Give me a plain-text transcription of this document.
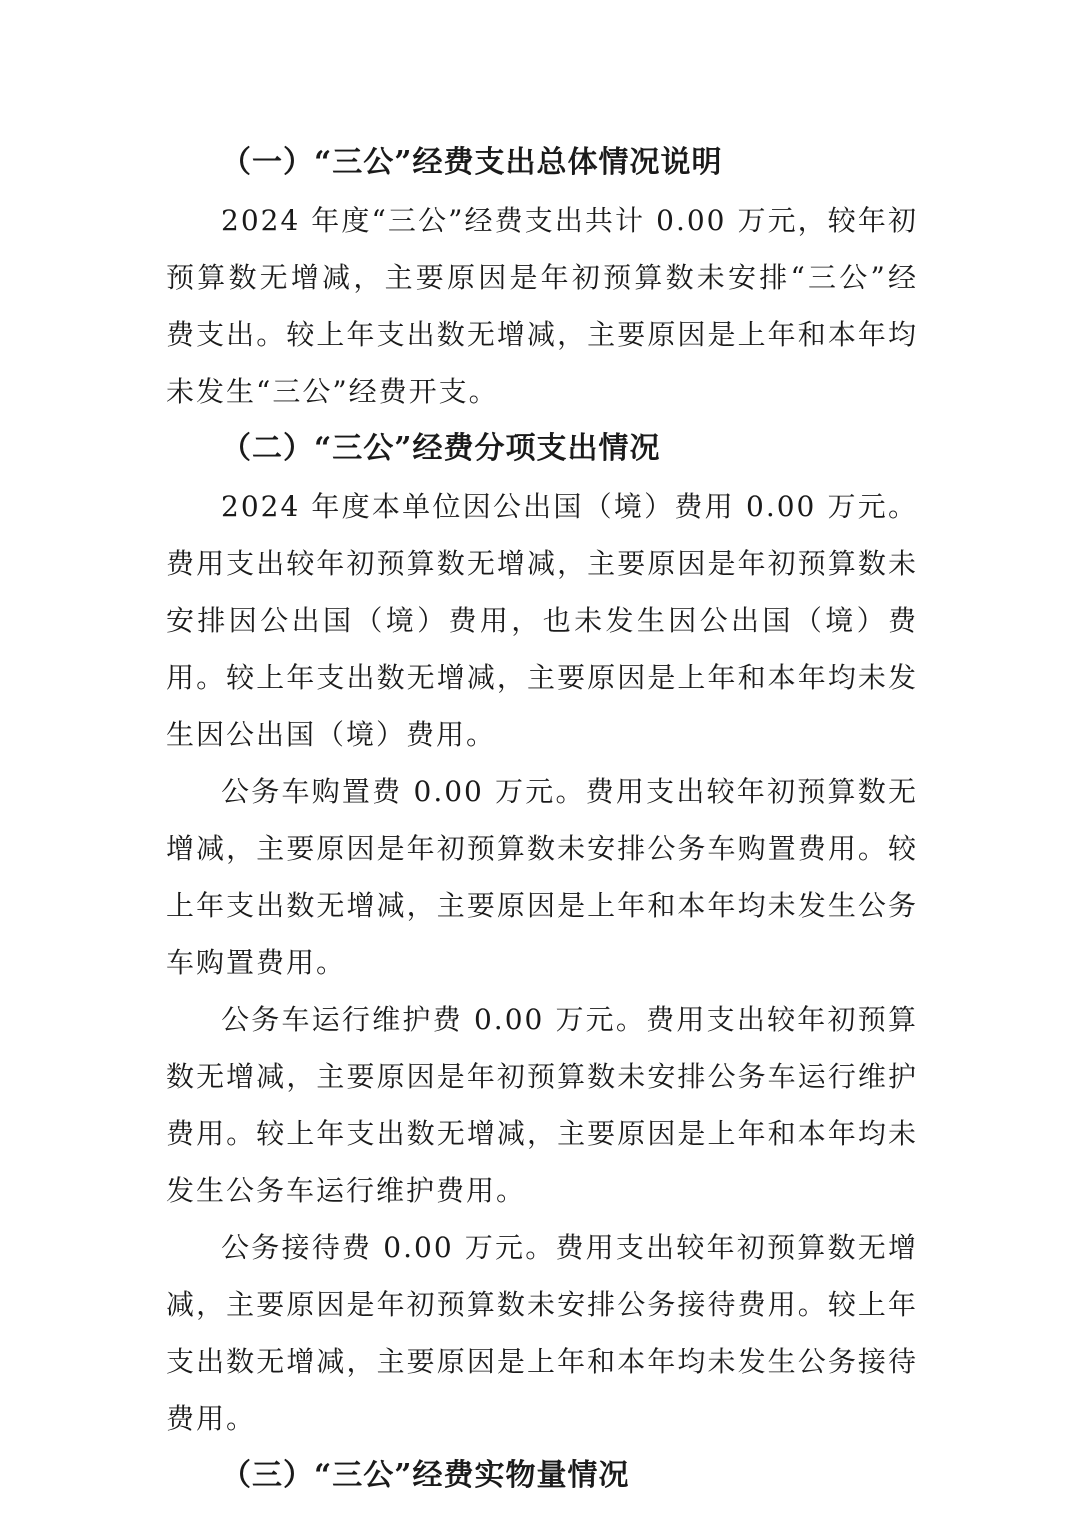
（一）“三公”经费支出总体情况说明

2024 年度“三公”经费支出共计 0.00 万元，较年初预算数无增减，主要原因是年初预算数未安排“三公”经费支出。较上年支出数无增减，主要原因是上年和本年均未发生“三公”经费开支。

（二）“三公”经费分项支出情况

2024 年度本单位因公出国（境）费用 0.00 万元。费用支出较年初预算数无增减，主要原因是年初预算数未安排因公出国（境）费用，也未发生因公出国（境）费用。较上年支出数无增减，主要原因是上年和本年均未发生因公出国（境）费用。

公务车购置费 0.00 万元。费用支出较年初预算数无增减，主要原因是年初预算数未安排公务车购置费用。较上年支出数无增减，主要原因是上年和本年均未发生公务车购置费用。

公务车运行维护费 0.00 万元。费用支出较年初预算数无增减，主要原因是年初预算数未安排公务车运行维护费用。较上年支出数无增减，主要原因是上年和本年均未发生公务车运行维护费用。

公务接待费 0.00 万元。费用支出较年初预算数无增减，主要原因是年初预算数未安排公务接待费用。较上年支出数无增减，主要原因是上年和本年均未发生公务接待费用。

（三）“三公”经费实物量情况
